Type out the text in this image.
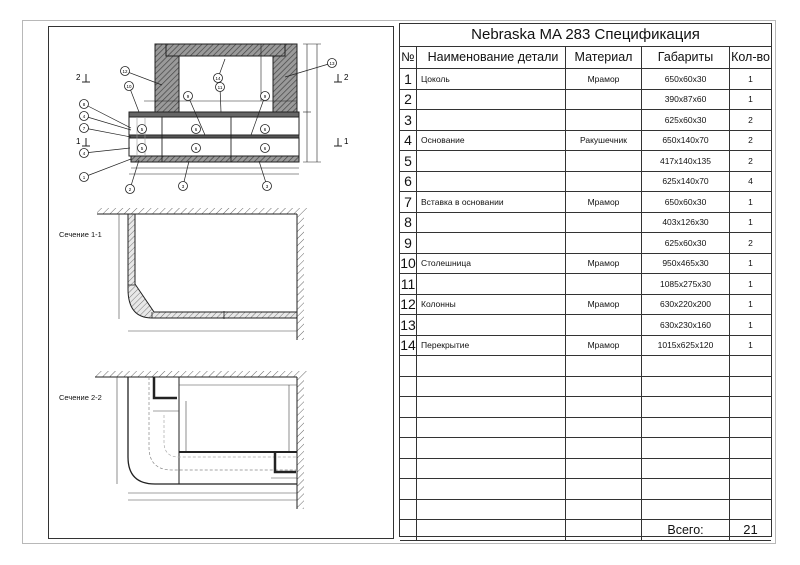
2
1
2
1
1
2
3	3
4
5
5
6
6
6
6
7
4
8
9	9
10	11
12
13
14
Сечение 1-1
Сечение 2-2
Nebraska MA 283 Спецификация
№	Наименование детали	Материал	Габариты	Кол-во
1	Цоколь	Мрамор	650x60x30	1
2			390x87x60	1
3			625x60x30	2
4	Основание	Ракушечник	650x140x70	2
5			417x140x135	2
6			625x140x70	4
7	Вставка в основании	Мрамор	650x60x30	1
8			403x126x30	1
9			625x60x30	2
10	Столешница	Мрамор	950x465x30	1
11			1085x275x30	1
12	Колонны	Мрамор	630x220x200	1
13			630x230x160	1
14	Перекрытие	Мрамор	1015x625x120	1

			Всего:	21
